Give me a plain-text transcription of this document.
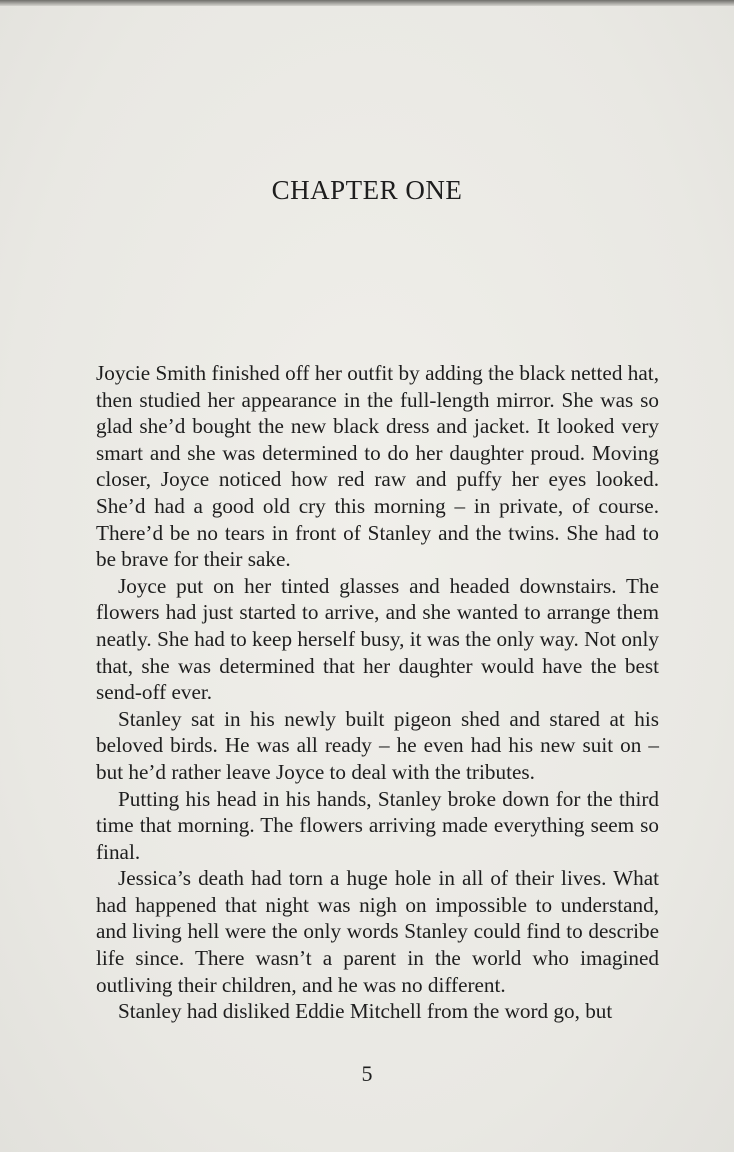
CHAPTER ONE

Joycie Smith finished off her outfit by adding the black netted hat, then studied her appearance in the full-length mirror. She was so glad she’d bought the new black dress and jacket. It looked very smart and she was determined to do her daughter proud. Moving closer, Joyce noticed how red raw and puffy her eyes looked. She’d had a good old cry this morning – in private, of course. There’d be no tears in front of Stanley and the twins. She had to be brave for their sake.

Joyce put on her tinted glasses and headed downstairs. The flowers had just started to arrive, and she wanted to arrange them neatly. She had to keep herself busy, it was the only way. Not only that, she was determined that her daughter would have the best send-off ever.

Stanley sat in his newly built pigeon shed and stared at his beloved birds. He was all ready – he even had his new suit on – but he’d rather leave Joyce to deal with the tributes.

Putting his head in his hands, Stanley broke down for the third time that morning. The flowers arriving made everything seem so final.

Jessica’s death had torn a huge hole in all of their lives. What had happened that night was nigh on impossible to understand, and living hell were the only words Stanley could find to describe life since. There wasn’t a parent in the world who imagined outliving their children, and he was no different.

Stanley had disliked Eddie Mitchell from the word go, but

5
